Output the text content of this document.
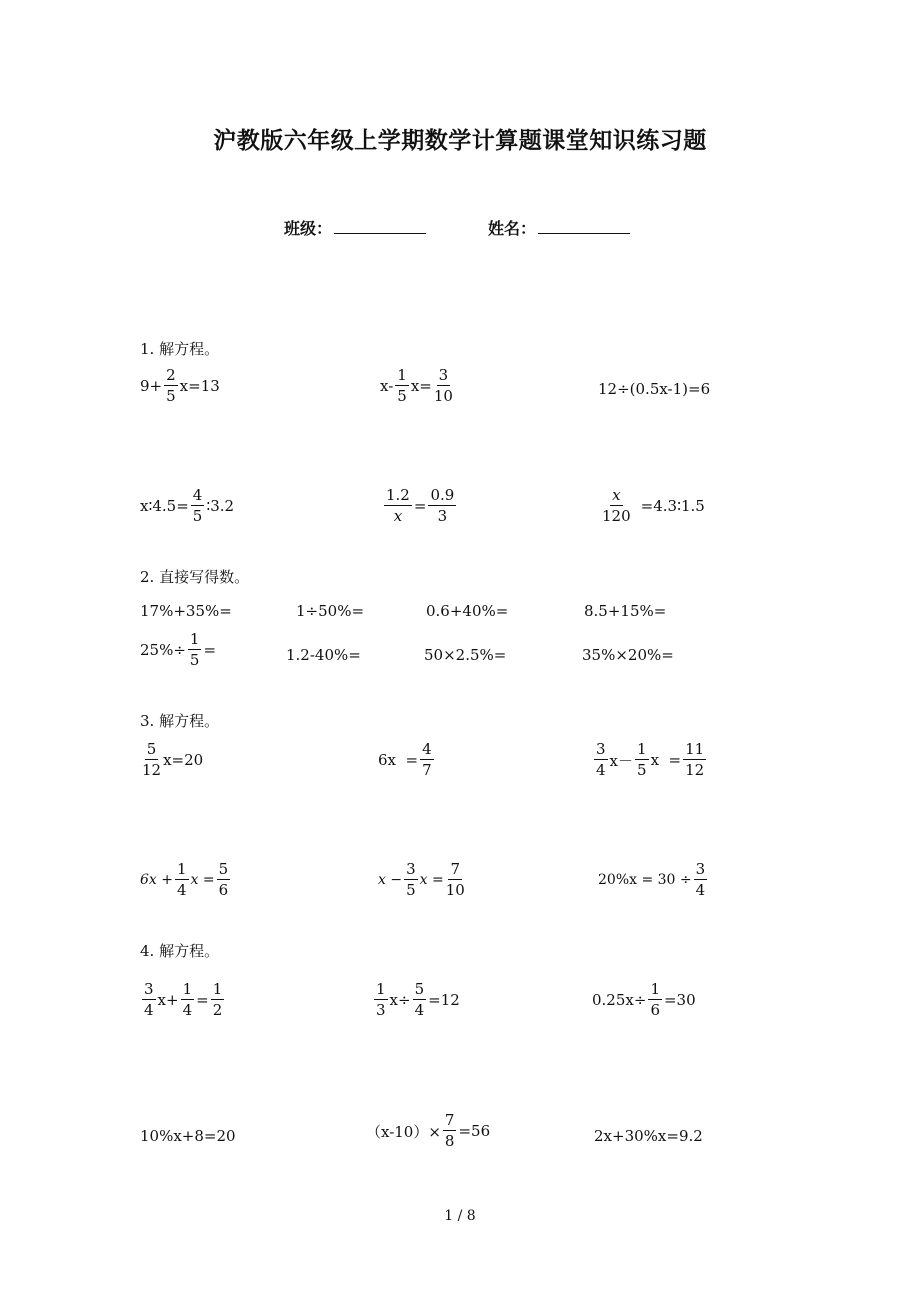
沪教版六年级上学期数学计算题课堂知识练习题
班级：	姓名：
1. 解方程。
$9+ \frac{2}{5} x=13$	$x- \frac{1}{5} x= \frac{3}{10}$	12÷(0.5x-1)=6
x∶4.5= $\frac{4}{5}$ ∶3.2	$\frac{1.2}{x} = \frac{0.9}{3}$	$\frac{x}{120}$ =4.3∶1.5
2. 直接写得数。
17%+35%=	1÷50%=	0.6+40%=	8.5+15%=
$25\%\div \frac{1}{5}$ =	1.2-40%=	50×2.5%=	35%×20%=
3. 解方程。
$\frac{5}{12} x=20$	$6x = \frac{4}{7}$	$\frac{3}{4} x- \frac{1}{5}$ $x = \frac{11}{12}$
$6x + \frac{1}{4}$ $x = \frac{5}{6}$	$x - \frac{3}{5}$ $x = \frac{7}{10}$	$20\%x = 30 \div \frac{3}{4}$
4. 解方程。
$\frac{3}{4} x+ \frac{1}{4} = \frac{1}{2}$	$\frac{1}{3} x\div \frac{5}{4} =12$	$0.25x\div \frac{1}{6} =30$
10%x+8=20	$(x-10)\times \frac{7}{8} =56$	2x+30%x=9.2
1 / 8
